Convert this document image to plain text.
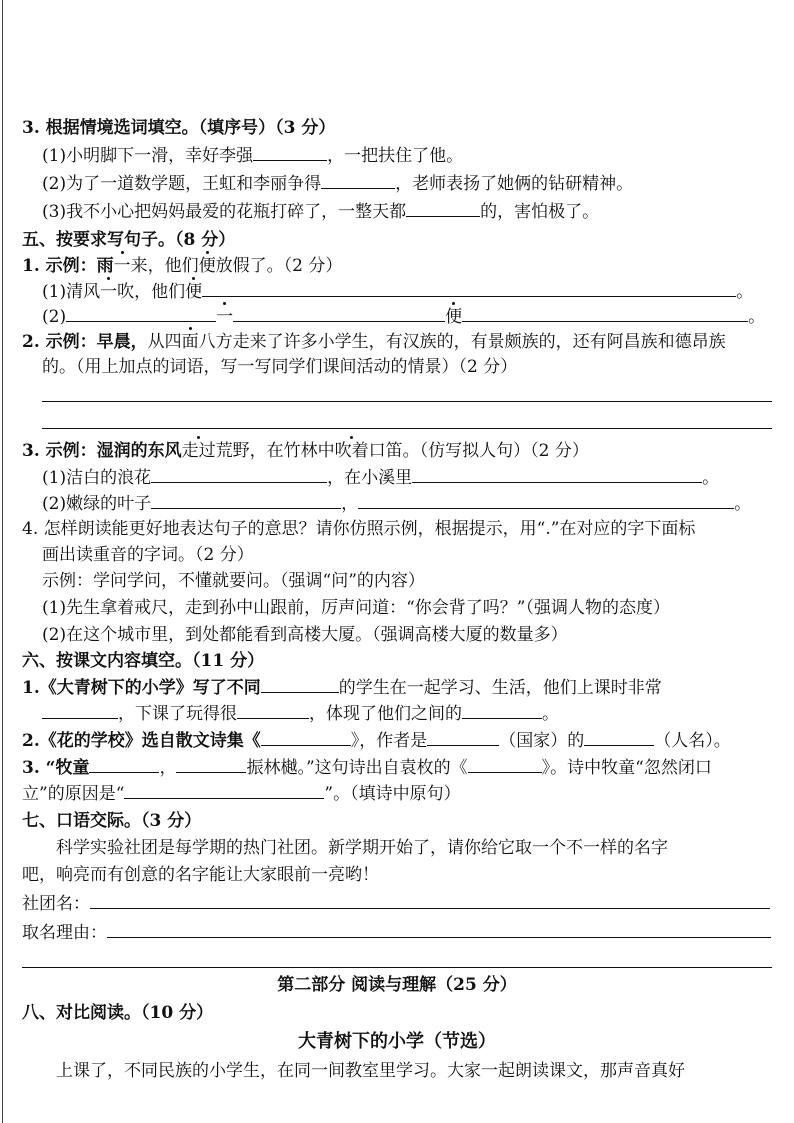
3. 根据情境选词填空。（填序号）（3 分）
(1)小明脚下一滑，幸好李强	，一把扶住了他。
(2)为了一道数学题，王虹和李丽争得	，老师表扬了她俩的钻研精神。
(3)我不小心把妈妈最爱的花瓶打碎了，一整天都	的，害怕极了。
五、按要求写句子。（8 分）
1. 示例：雨一来，他们便放假了。（2 分）
(1)清风一吹，他们便	。
(2)	一	便	。
2. 示例：早晨，从四面八方走来了许多小学生，有汉族的，有景颇族的，还有阿昌族和德昂族
的。（用上加点的词语，写一写同学们课间活动的情景）（2 分）
3. 示例：湿润的东风走过荒野，在竹林中吹着口笛。（仿写拟人句）（2 分）
(1)洁白的浪花	，在小溪里	。
(2)嫩绿的叶子	，	。
4. 怎样朗读能更好地表达句子的意思？请你仿照示例，根据提示，用“.”在对应的字下面标
画出读重音的字词。（2 分）
示例：学问学问，不懂就要问。（强调“问”的内容）
(1)先生拿着戒尺，走到孙中山跟前，厉声问道：“你会背了吗？”（强调人物的态度）
(2)在这个城市里，到处都能看到高楼大厦。（强调高楼大厦的数量多）
六、按课文内容填空。（11 分）
1.《大青树下的小学》写了不同	的学生在一起学习、生活，他们上课时非常
，下课了玩得很	，体现了他们之间的	。
2.《花的学校》选自散文诗集《	》，作者是	（国家）的	（人名）。
3. “牧童	，	振林樾。”这句诗出自袁枚的《	》。诗中牧童“忽然闭口
立”的原因是“	”。（填诗中原句）
七、口语交际。（3 分）
科学实验社团是每学期的热门社团。新学期开始了，请你给它取一个不一样的名字
吧，响亮而有创意的名字能让大家眼前一亮哟！
社团名：
取名理由：
第二部分 阅读与理解（25 分）
八、对比阅读。（10 分）
大青树下的小学（节选）
上课了，不同民族的小学生，在同一间教室里学习。大家一起朗读课文，那声音真好
